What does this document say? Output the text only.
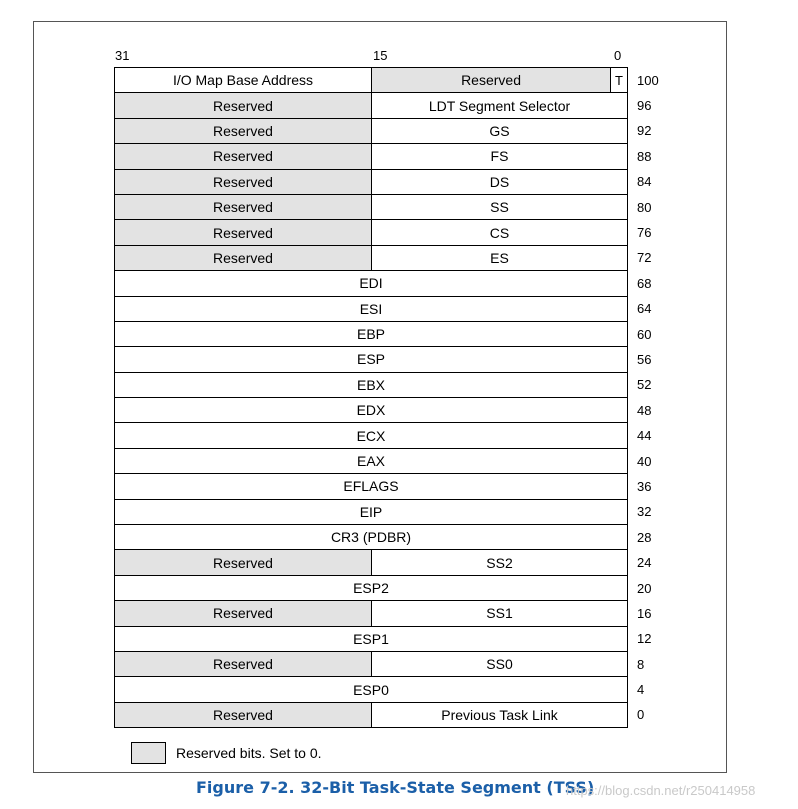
31	15	0
I/O Map Base Address	Reserved	T	100
Reserved	LDT Segment Selector	96
Reserved	GS	92
Reserved	FS	88
Reserved	DS	84
Reserved	SS	80
Reserved	CS	76
Reserved	ES	72
EDI	68
ESI	64
EBP	60
ESP	56
EBX	52
EDX	48
ECX	44
EAX	40
EFLAGS	36
EIP	32
CR3 (PDBR)	28
Reserved	SS2	24
ESP2	20
Reserved	SS1	16
ESP1	12
Reserved	SS0	8
ESP0	4
Reserved	Previous Task Link	0
Reserved bits. Set to 0.
Figure 7-2. 32-Bit Task-State Segment (TSS)
https://blog.csdn.net/r250414958
